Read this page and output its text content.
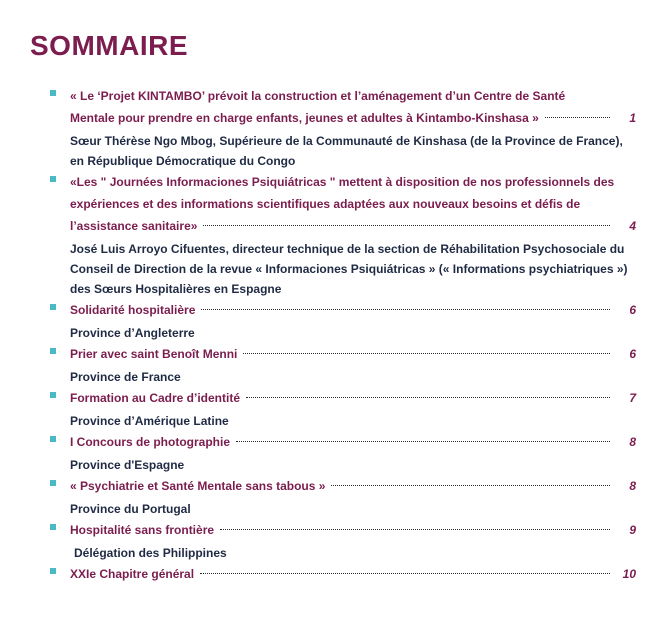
SOMMAIRE
« Le ‘Projet KINTAMBO’ prévoit la construction et l’aménagement d’un Centre de Santé
Mentale pour prendre en charge enfants, jeunes et adultes à Kintambo-Kinshasa »	1
Sœur Thérèse Ngo Mbog, Supérieure de la Communauté de Kinshasa (de la Province de France), en République Démocratique du Congo
«Les " Journées Informaciones Psiquiátricas " mettent à disposition de nos professionnels des
expériences et des informations scientifiques adaptées aux nouveaux besoins et défis de
l’assistance sanitaire»	4
José Luis Arroyo Cifuentes, directeur technique de la section de Réhabilitation Psychosociale du Conseil de Direction de la revue « Informaciones Psiquiátricas » (« Informations psychiatriques ») des Sœurs Hospitalières en Espagne
Solidarité hospitalière	6
Province d’Angleterre
Prier avec saint Benoît Menni	6
Province de France
Formation au Cadre d’identité	7
Province d’Amérique Latine
I Concours de photographie	8
Province d'Espagne
« Psychiatrie et Santé Mentale sans tabous »	8
Province du Portugal
Hospitalité sans frontière	9
Délégation des Philippines
XXIe Chapitre général	10
